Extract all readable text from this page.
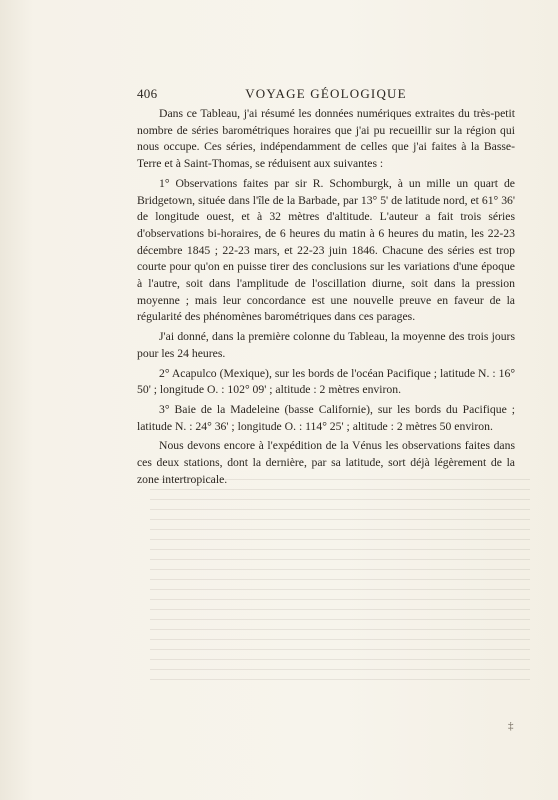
406	VOYAGE GÉOLOGIQUE

Dans ce Tableau, j'ai résumé les données numériques extraites du très-petit nombre de séries barométriques horaires que j'ai pu recueillir sur la région qui nous occupe. Ces séries, indépendamment de celles que j'ai faites à la Basse-Terre et à Saint-Thomas, se réduisent aux suivantes :

1° Observations faites par sir R. Schomburgk, à un mille un quart de Bridgetown, située dans l'île de la Barbade, par 13° 5' de latitude nord, et 61° 36' de longitude ouest, et à 32 mètres d'altitude. L'auteur a fait trois séries d'observations bi-horaires, de 6 heures du matin à 6 heures du matin, les 22-23 décembre 1845 ; 22-23 mars, et 22-23 juin 1846. Chacune des séries est trop courte pour qu'on en puisse tirer des conclusions sur les variations d'une époque à l'autre, soit dans l'amplitude de l'oscillation diurne, soit dans la pression moyenne ; mais leur concordance est une nouvelle preuve en faveur de la régularité des phénomènes barométriques dans ces parages.

J'ai donné, dans la première colonne du Tableau, la moyenne des trois jours pour les 24 heures.

2° Acapulco (Mexique), sur les bords de l'océan Pacifique ; latitude N. : 16° 50' ; longitude O. : 102° 09' ; altitude : 2 mètres environ.

3° Baie de la Madeleine (basse Californie), sur les bords du Pacifique ; latitude N. : 24° 36' ; longitude O. : 114° 25' ; altitude : 2 mètres 50 environ.

Nous devons encore à l'expédition de la Vénus les observations faites dans ces deux stations, dont la dernière, par sa latitude, sort déjà légèrement de la zone intertropicale.

‡
